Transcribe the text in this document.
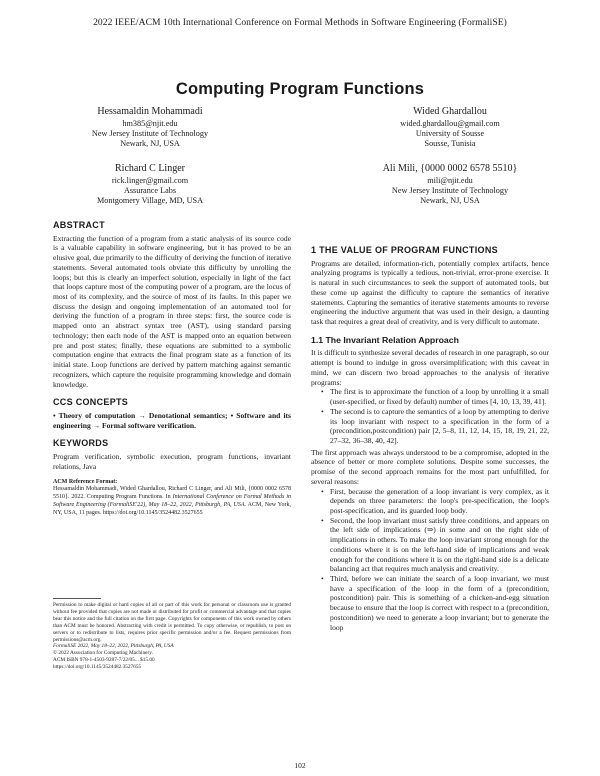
2022 IEEE/ACM 10th International Conference on Formal Methods in Software Engineering (FormaliSE)
Computing Program Functions
Hessamaldin Mohammadi
hm385@njit.edu
New Jersey Institute of Technology
Newark, NJ, USA
Wided Ghardallou
wided.ghardallou@gmail.com
University of Sousse
Sousse, Tunisia
Richard C Linger
rick.linger@gmail.com
Assurance Labs
Montgomery Village, MD, USA
Ali Mili, {0000 0002 6578 5510}
mili@njit.edu
New Jersey Institute of Technology
Newark, NJ, USA
ABSTRACT

Extracting the function of a program from a static analysis of its source code is a valuable capability in software engineering, but it has proved to be an elusive goal, due primarily to the difficulty of deriving the function of iterative statements. Several automated tools obviate this difficulty by unrolling the loops; but this is clearly an imperfect solution, especially in light of the fact that loops capture most of the computing power of a program, are the locus of most of its complexity, and the source of most of its faults. In this paper we discuss the design and ongoing implementation of an automated tool for deriving the function of a program in three steps: first, the source code is mapped onto an abstract syntax tree (AST), using standard parsing technology; then each node of the AST is mapped onto an equation between pre and post states; finally, these equations are submitted to a symbolic computation engine that extracts the final program state as a function of its initial state. Loop functions are derived by pattern matching against semantic recognizers, which capture the requisite programming knowledge and domain knowledge.

CCS CONCEPTS

• Theory of computation → Denotational semantics; • Software and its engineering → Formal software verification.

KEYWORDS

Program verification, symbolic execution, program functions, invariant relations, Java

ACM Reference Format:
Hessamaldin Mohammadi, Wided Ghardallou, Richard C Linger, and Ali Mili, {0000 0002 6578 5510}. 2022. Computing Program Functions. In International Conference on Formal Methods in Software Engineering (FormaliSE'22), May 18–22, 2022, Pittsburgh, PA, USA. ACM, New York, NY, USA, 11 pages. https://doi.org/10.1145/3524482.3527655

Permission to make digital or hard copies of all or part of this work for personal or classroom use is granted without fee provided that copies are not made or distributed for profit or commercial advantage and that copies bear this notice and the full citation on the first page. Copyrights for components of this work owned by others than ACM must be honored. Abstracting with credit is permitted. To copy otherwise, or republish, to post on servers or to redistribute to lists, requires prior specific permission and/or a fee. Request permissions from permissions@acm.org.

FormaliSE 2022, May 18–22, 2022, Pittsburgh, PA, USA

© 2022 Association for Computing Machinery.

ACM ISBN 978-1-4503-9287-7/22/05... $15.00

https://doi.org/10.1145/3524482.3527655

1 THE VALUE OF PROGRAM FUNCTIONS

Programs are detailed, information-rich, potentially complex artifacts, hence analyzing programs is typically a tedious, non-trivial, error-prone exercise. It is natural in such circumstances to seek the support of automated tools, but these come up against the difficulty to capture the semantics of iterative statements. Capturing the semantics of iterative statements amounts to reverse engineering the inductive argument that was used in their design, a daunting task that requires a great deal of creativity, and is very difficult to automate.

1.1 The Invariant Relation Approach

It is difficult to synthesize several decades of research in one paragraph, so our attempt is bound to indulge in gross oversimplification; with this caveat in mind, we can discern two broad approaches to the analysis of iterative programs:

• The first is to approximate the function of a loop by unrolling it a small (user-specified, or fixed by default) number of times [4, 10, 13, 39, 41].
• The second is to capture the semantics of a loop by attempting to derive its loop invariant with respect to a specification in the form of a (precondition,postcondition) pair [2, 5–8, 11, 12, 14, 15, 18, 19, 21, 22, 27–32, 36–38, 40, 42].

The first approach was always understood to be a compromise, adopted in the absence of better or more complete solutions. Despite some successes, the promise of the second approach remains for the most part unfulfilled, for several reasons:

• First, because the generation of a loop invariant is very complex, as it depends on three parameters: the loop's pre-specification, the loop's post-specification, and its guarded loop body.
• Second, the loop invariant must satisfy three conditions, and appears on the left side of implications (⇒) in some and on the right side of implications in others. To make the loop invariant strong enough for the conditions where it is on the left-hand side of implications and weak enough for the conditions where it is on the right-hand side is a delicate balancing act that requires much analysis and creativity.
• Third, before we can initiate the search of a loop invariant, we must have a specification of the loop in the form of a (precondition, postcondition) pair. This is something of a chicken-and-egg situation because to ensure that the loop is correct with respect to a (precondition, postcondition) we need to generate a loop invariant; but to generate the loop
102
